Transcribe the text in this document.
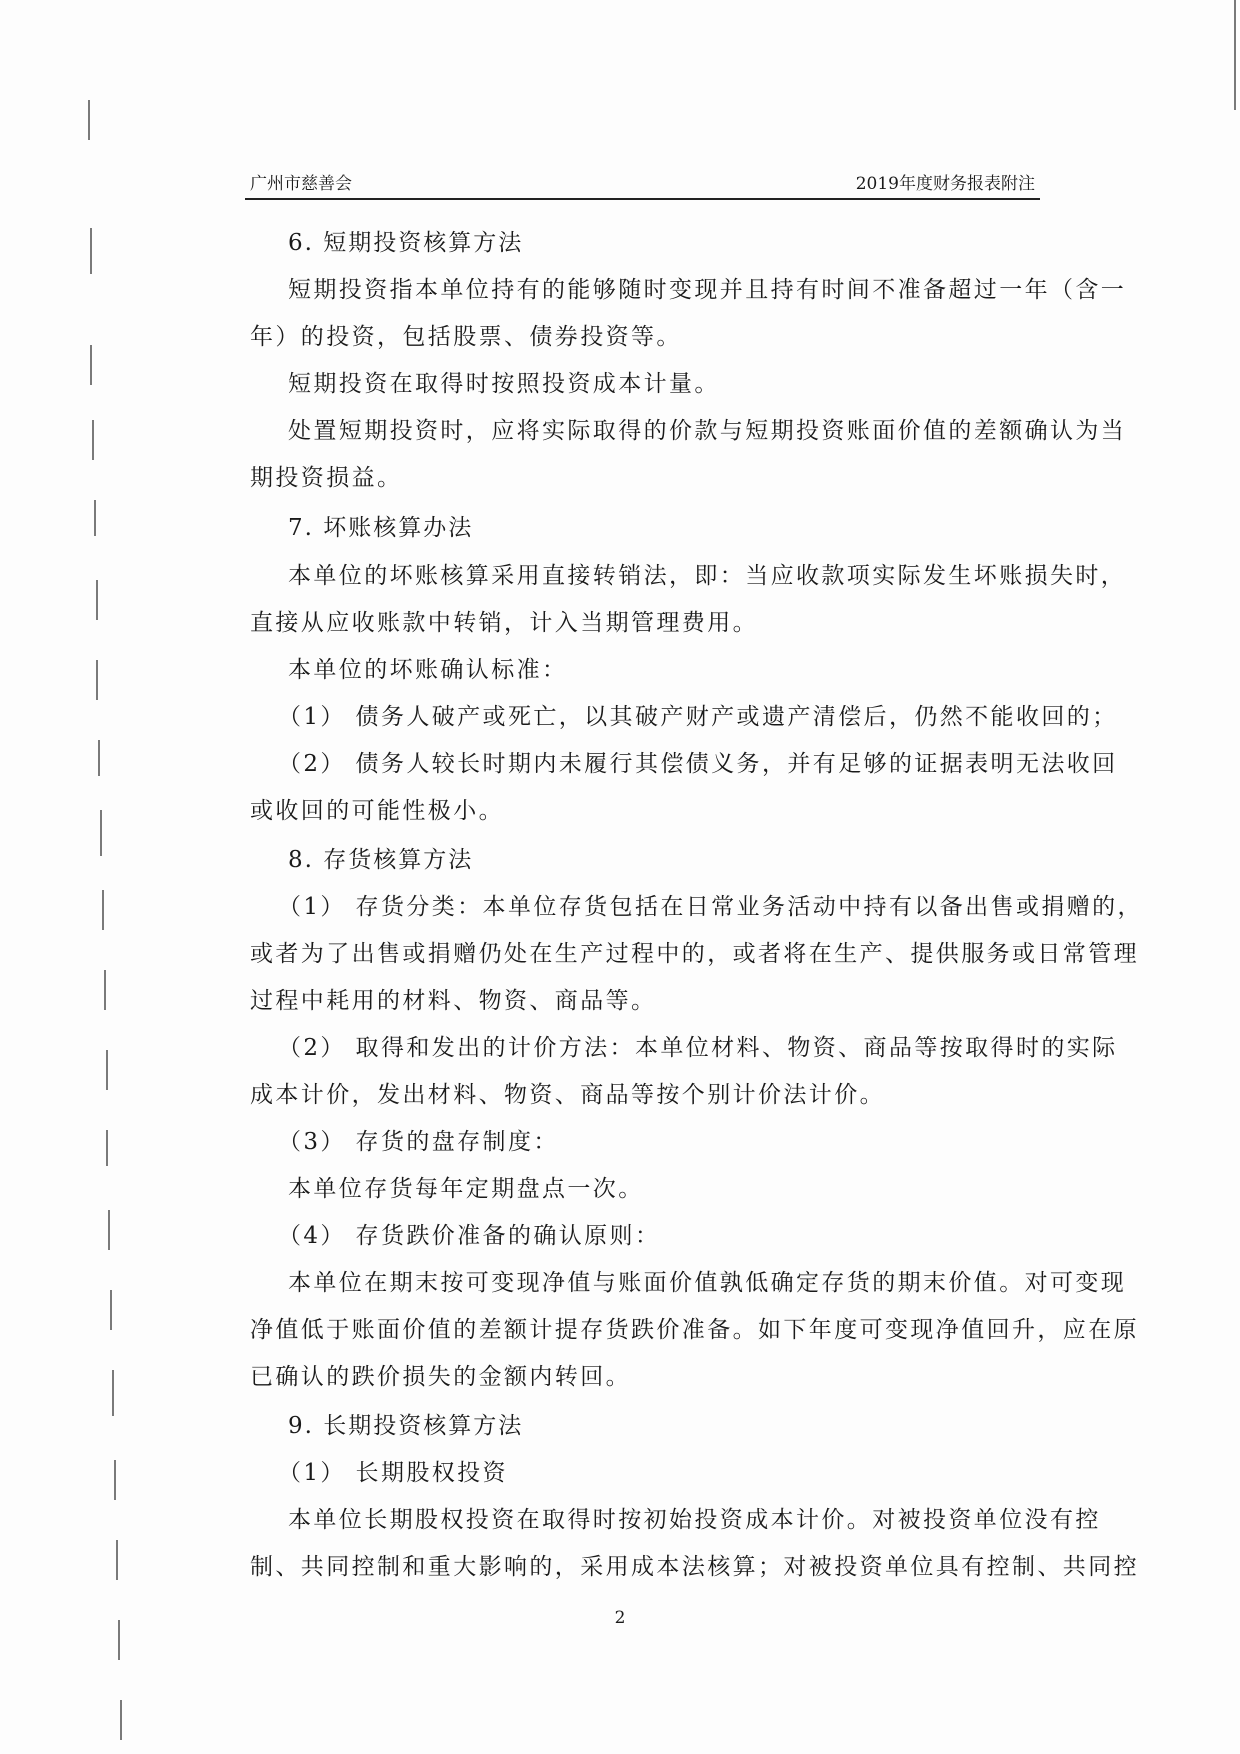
广州市慈善会	2019年度财务报表附注
6. 短期投资核算方法
短期投资指本单位持有的能够随时变现并且持有时间不准备超过一年（含一
年）的投资，包括股票、债券投资等。
短期投资在取得时按照投资成本计量。
处置短期投资时，应将实际取得的价款与短期投资账面价值的差额确认为当
期投资损益。
7. 坏账核算办法
本单位的坏账核算采用直接转销法，即：当应收款项实际发生坏账损失时，
直接从应收账款中转销，计入当期管理费用。
本单位的坏账确认标准：
（1） 债务人破产或死亡，以其破产财产或遗产清偿后，仍然不能收回的；
（2） 债务人较长时期内未履行其偿债义务，并有足够的证据表明无法收回
或收回的可能性极小。
8. 存货核算方法
（1） 存货分类：本单位存货包括在日常业务活动中持有以备出售或捐赠的，
或者为了出售或捐赠仍处在生产过程中的，或者将在生产、提供服务或日常管理
过程中耗用的材料、物资、商品等。
（2） 取得和发出的计价方法：本单位材料、物资、商品等按取得时的实际
成本计价，发出材料、物资、商品等按个别计价法计价。
（3） 存货的盘存制度：
本单位存货每年定期盘点一次。
（4） 存货跌价准备的确认原则：
本单位在期末按可变现净值与账面价值孰低确定存货的期末价值。对可变现
净值低于账面价值的差额计提存货跌价准备。如下年度可变现净值回升，应在原
已确认的跌价损失的金额内转回。
9. 长期投资核算方法
（1） 长期股权投资
本单位长期股权投资在取得时按初始投资成本计价。对被投资单位没有控
制、共同控制和重大影响的，采用成本法核算；对被投资单位具有控制、共同控
2
